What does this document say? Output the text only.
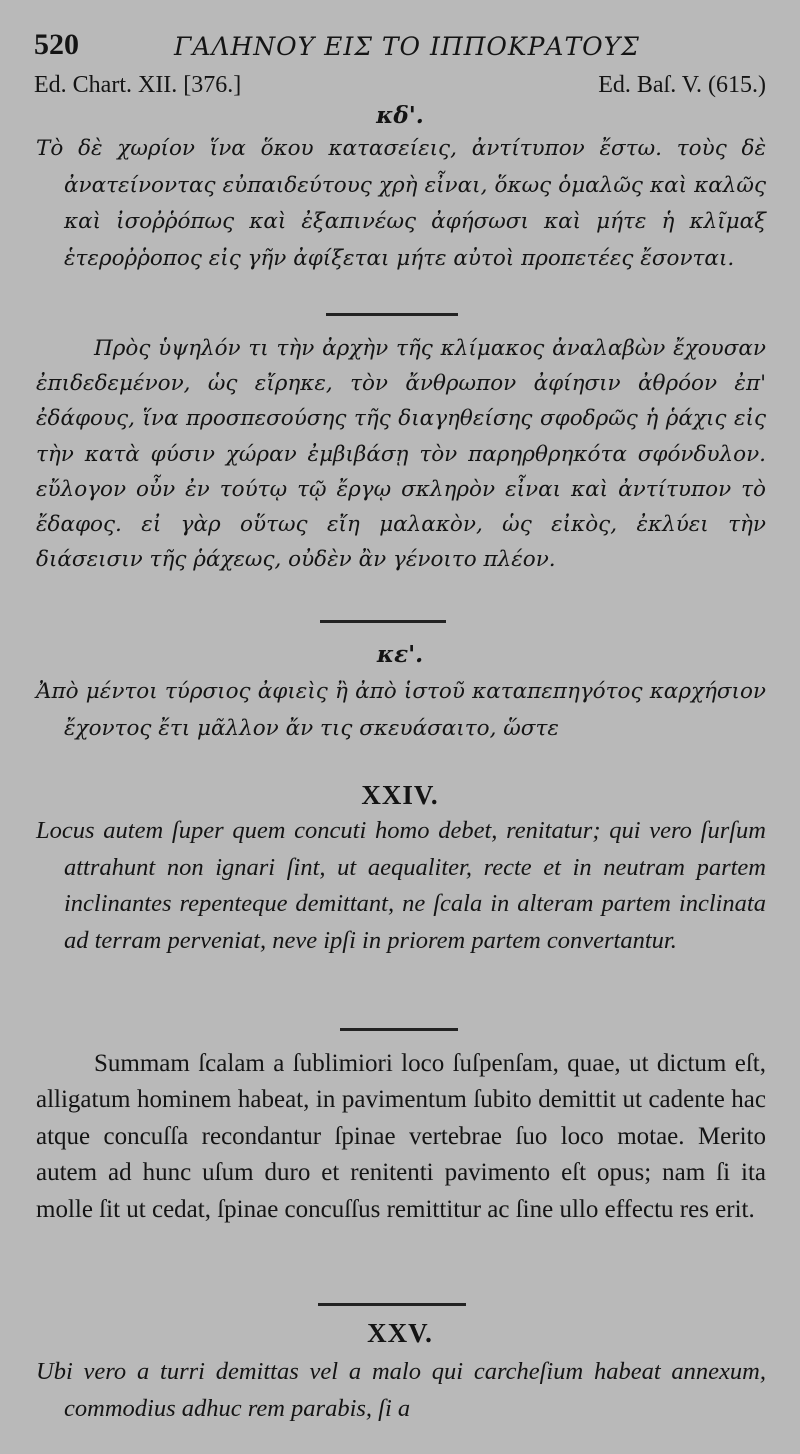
520	ΓΑΛΗΝΟΥ ΕΙΣ ΤΟ ΙΠΠΟΚΡΑΤΟΥΣ
Ed. Chart. XII. [376.]	Ed. Baſ. V. (615.)
κδ'.
Τὸ δὲ χωρίον ἵνα ὅκου κατασείεις, ἀντίτυπον ἔστω. τοὺς δὲ ἀνατείνοντας εὐπαιδεύτους χρὴ εἶναι, ὅκως ὁμαλῶς καὶ καλῶς καὶ ἰσοῤῥόπως καὶ ἐξαπινέως ἀφήσωσι καὶ μήτε ἡ κλῖμαξ ἑτεροῤῥοπος εἰς γῆν ἀφίξεται μήτε αὐτοὶ προπετέες ἔσονται.
Πρὸς ὑψηλόν τι τὴν ἀρχὴν τῆς κλίμακος ἀναλαβὼν ἔχουσαν ἐπιδεδεμένον, ὡς εἴρηκε, τὸν ἄνθρωπον ἀφίησιν ἀθρόον ἐπ' ἐδάφους, ἵνα προσπεσούσης τῆς διαγηθείσης σφοδρῶς ἡ ῥάχις εἰς τὴν κατὰ φύσιν χώραν ἐμβιβάσῃ τὸν παρηρθρηκότα σφόνδυλον. εὔλογον οὖν ἐν τούτῳ τῷ ἔργῳ σκληρὸν εἶναι καὶ ἀντίτυπον τὸ ἔδαφος. εἰ γὰρ οὕτως εἴη μαλακὸν, ὡς εἰκὸς, ἐκλύει τὴν διάσεισιν τῆς ῥάχεως, οὐδὲν ἂν γένοιτο πλέον.
κε'.
Ἀπὸ μέντοι τύρσιος ἀφιεὶς ἢ ἀπὸ ἱστοῦ καταπεπηγότος καρχήσιον ἔχοντος ἔτι μᾶλλον ἄν τις σκευάσαιτο, ὥστε
XXIV.
Locus autem ſuper quem concuti homo debet, renitatur; qui vero ſurſum attrahunt non ignari ſint, ut aequaliter, recte et in neutram partem inclinantes repenteque demittant, ne ſcala in alteram partem inclinata ad terram perveniat, neve ipſi in priorem partem convertantur.
Summam ſcalam a ſublimiori loco ſuſpenſam, quae, ut dictum eſt, alligatum hominem habeat, in pavimentum ſubito demittit ut cadente hac atque concuſſa recondantur ſpinae vertebrae ſuo loco motae. Merito autem ad hunc uſum duro et renitenti pavimento eſt opus; nam ſi ita molle ſit ut cedat, ſpinae concuſſus remittitur ac ſine ullo effectu res erit.
XXV.
Ubi vero a turri demittas vel a malo qui carcheſium habeat annexum, commodius adhuc rem parabis, ſi a
